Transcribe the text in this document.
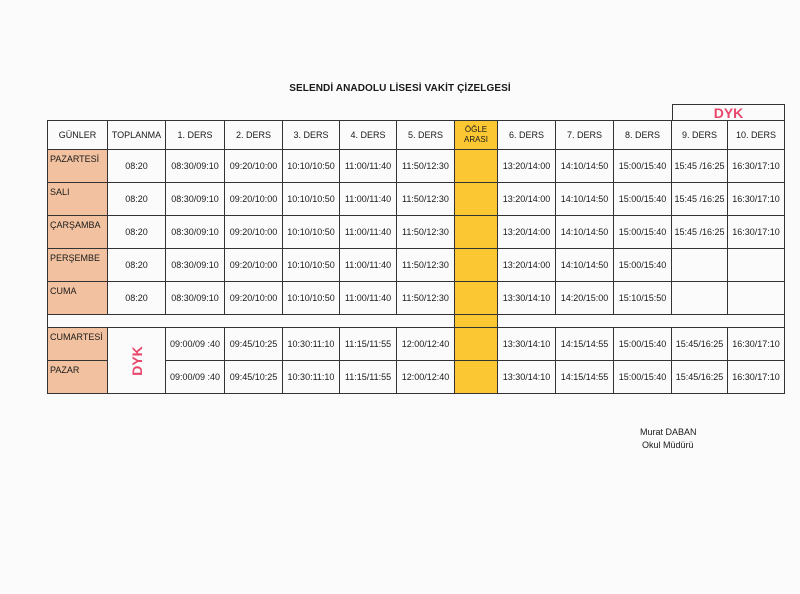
SELENDİ ANADOLU LİSESİ VAKİT ÇİZELGESİ
DYK
GÜNLER	TOPLANMA	1. DERS	2. DERS	3. DERS	4. DERS	5. DERS	ÖĞLE ARASI	6. DERS	7. DERS	8. DERS	9. DERS	10. DERS
PAZARTESİ	08:20	08:30/09:10	09:20/10:00	10:10/10:50	11:00/11:40	11:50/12:30		13:20/14:00	14:10/14:50	15:00/15:40	15:45 /16:25	16:30/17:10
SALI	08:20	08:30/09:10	09:20/10:00	10:10/10:50	11:00/11:40	11:50/12:30		13:20/14:00	14:10/14:50	15:00/15:40	15:45 /16:25	16:30/17:10
ÇARŞAMBA	08:20	08:30/09:10	09:20/10:00	10:10/10:50	11:00/11:40	11:50/12:30		13:20/14:00	14:10/14:50	15:00/15:40	15:45 /16:25	16:30/17:10
PERŞEMBE	08:20	08:30/09:10	09:20/10:00	10:10/10:50	11:00/11:40	11:50/12:30		13:20/14:00	14:10/14:50	15:00/15:40		
CUMA	08:20	08:30/09:10	09:20/10:00	10:10/10:50	11:00/11:40	11:50/12:30		13:30/14:10	14:20/15:00	15:10/15:50		

CUMARTESİ	DYK	09:00/09 :40	09:45/10:25	10:30:11:10	11:15/11:55	12:00/12:40		13:30/14:10	14:15/14:55	15:00/15:40	15:45/16:25	16:30/17:10
PAZAR		09:00/09 :40	09:45/10:25	10:30:11:10	11:15/11:55	12:00/12:40		13:30/14:10	14:15/14:55	15:00/15:40	15:45/16:25	16:30/17:10
Murat DABAN
Okul Müdürü
